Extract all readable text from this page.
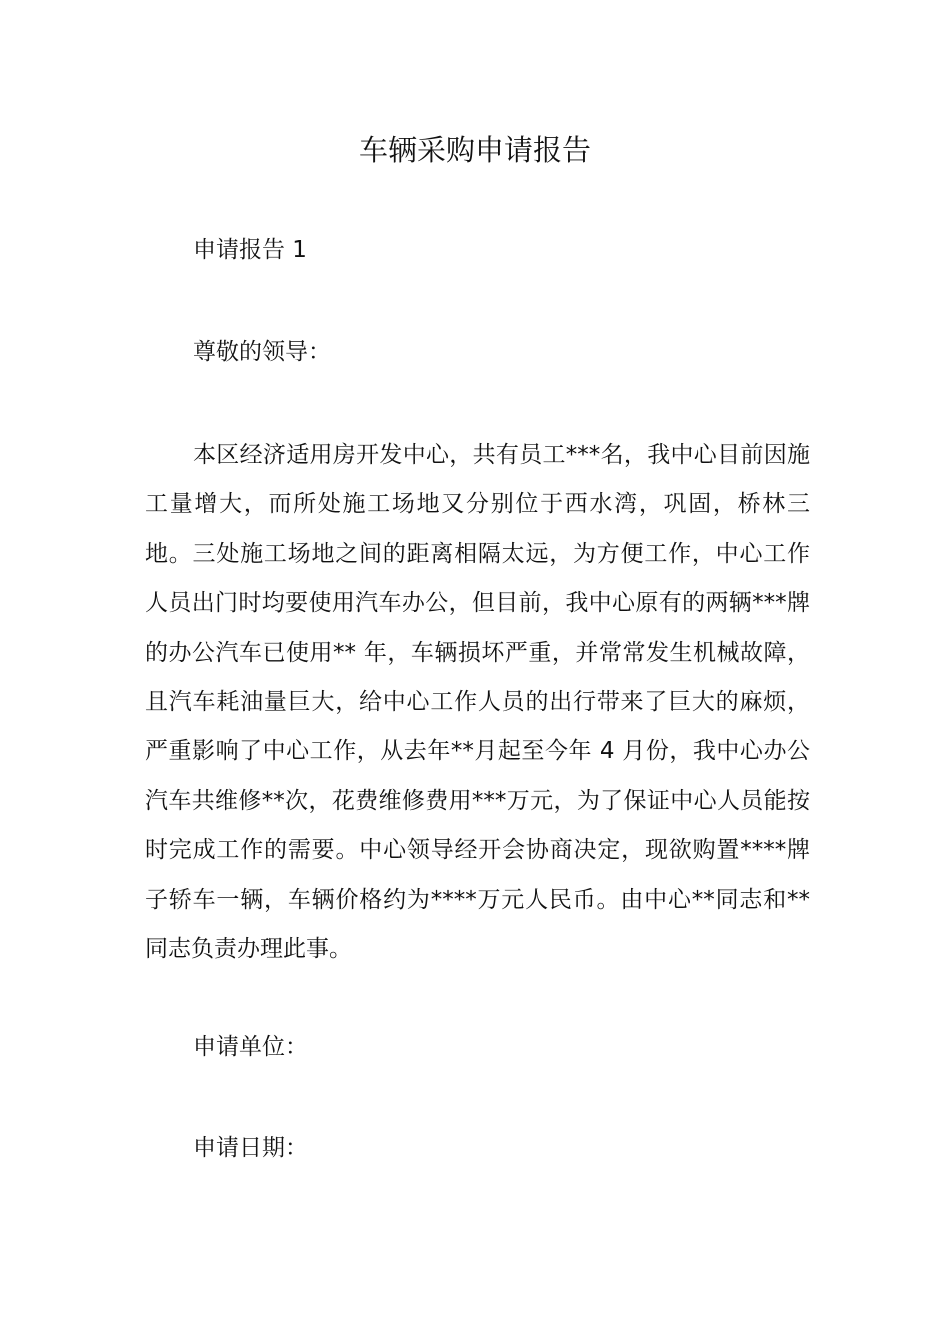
车辆采购申请报告

申请报告 1

尊敬的领导：

本区经济适用房开发中心，共有员工***名，我中心目前因施工量增大，而所处施工场地又分别位于西水湾，巩固，桥林三地。三处施工场地之间的距离相隔太远，为方便工作，中心工作人员出门时均要使用汽车办公，但目前，我中心原有的两辆***牌的办公汽车已使用** 年，车辆损坏严重，并常常发生机械故障，且汽车耗油量巨大，给中心工作人员的出行带来了巨大的麻烦，严重影响了中心工作，从去年**月起至今年 4 月份，我中心办公汽车共维修**次，花费维修费用***万元，为了保证中心人员能按时完成工作的需要。中心领导经开会协商决定，现欲购置****牌子轿车一辆，车辆价格约为****万元人民币。由中心**同志和**同志负责办理此事。

申请单位：

申请日期：
